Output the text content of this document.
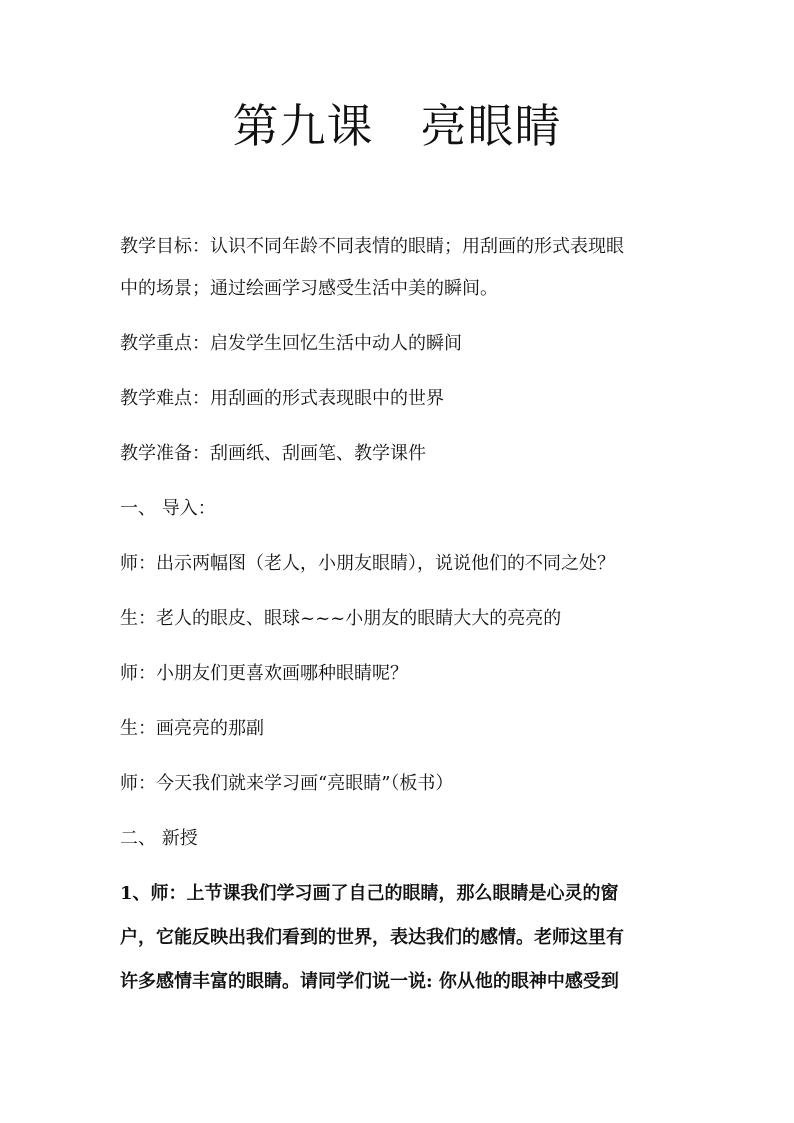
第九课　亮眼睛
教学目标：认识不同年龄不同表情的眼睛；用刮画的形式表现眼
中的场景；通过绘画学习感受生活中美的瞬间。
教学重点：启发学生回忆生活中动人的瞬间
教学难点：用刮画的形式表现眼中的世界
教学准备：刮画纸、刮画笔、教学课件
一、 导入：
师：出示两幅图（老人，小朋友眼睛），说说他们的不同之处？
生：老人的眼皮、眼球~~~小朋友的眼睛大大的亮亮的
师：小朋友们更喜欢画哪种眼睛呢？
生：画亮亮的那副
师：今天我们就来学习画“亮眼睛”（板书）
二、 新授
1、师：上节课我们学习画了自己的眼睛，那么眼睛是心灵的窗
户，它能反映出我们看到的世界，表达我们的感情。老师这里有
许多感情丰富的眼睛。请同学们说一说: 你从他的眼神中感受到
